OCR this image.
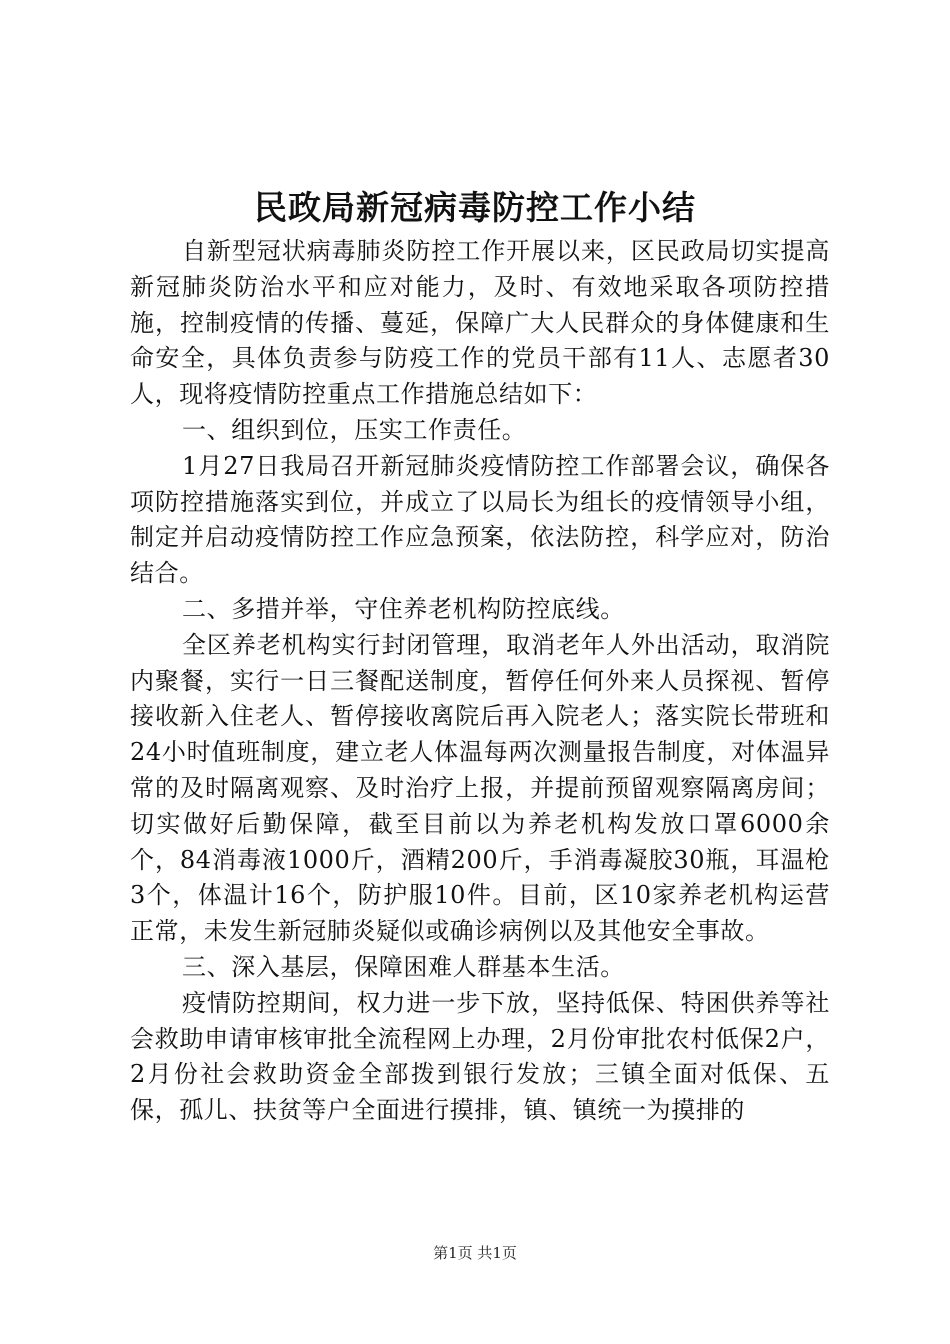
民政局新冠病毒防控工作小结

自新型冠状病毒肺炎防控工作开展以来，区民政局切实提高新冠肺炎防治水平和应对能力，及时、有效地采取各项防控措施，控制疫情的传播、蔓延，保障广大人民群众的身体健康和生命安全，具体负责参与防疫工作的党员干部有11人、志愿者30人，现将疫情防控重点工作措施总结如下：

一、组织到位，压实工作责任。

1月27日我局召开新冠肺炎疫情防控工作部署会议，确保各项防控措施落实到位，并成立了以局长为组长的疫情领导小组，制定并启动疫情防控工作应急预案，依法防控，科学应对，防治结合。

二、多措并举，守住养老机构防控底线。

全区养老机构实行封闭管理，取消老年人外出活动，取消院内聚餐，实行一日三餐配送制度，暂停任何外来人员探视、暂停接收新入住老人、暂停接收离院后再入院老人；落实院长带班和24小时值班制度，建立老人体温每两次测量报告制度，对体温异常的及时隔离观察、及时治疗上报，并提前预留观察隔离房间；切实做好后勤保障，截至目前以为养老机构发放口罩6000余个，84消毒液1000斤，酒精200斤，手消毒凝胶30瓶，耳温枪3个，体温计16个，防护服10件。目前，区10家养老机构运营正常，未发生新冠肺炎疑似或确诊病例以及其他安全事故。

三、深入基层，保障困难人群基本生活。

疫情防控期间，权力进一步下放，坚持低保、特困供养等社会救助申请审核审批全流程网上办理，2月份审批农村低保2户，2月份社会救助资金全部拨到银行发放；三镇全面对低保、五保，孤儿、扶贫等户全面进行摸排，镇、镇统一为摸排的

第1页 共1页
